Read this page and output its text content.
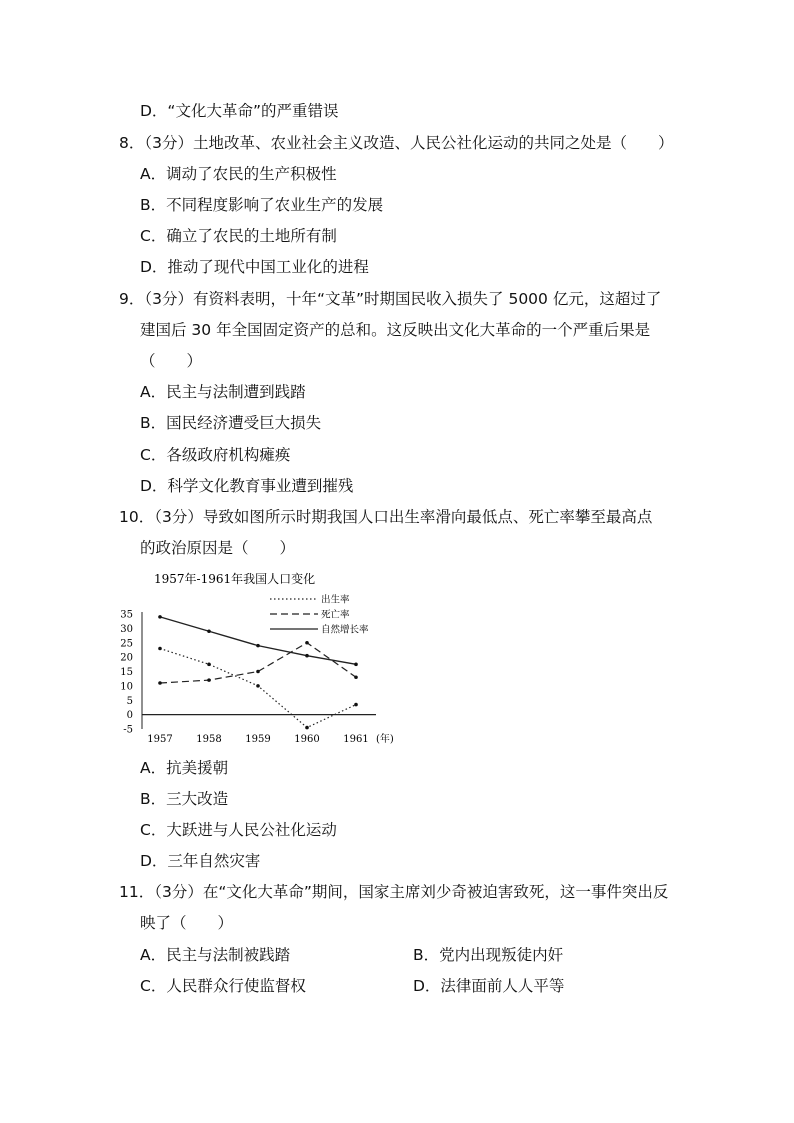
D．“文化大革命”的严重错误
8．（3分）土地改革、农业社会主义改造、人民公社化运动的共同之处是（　　）
A．调动了农民的生产积极性
B．不同程度影响了农业生产的发展
C．确立了农民的土地所有制
D．推动了现代中国工业化的进程
9．（3分）有资料表明，十年“文革”时期国民收入损失了 5000 亿元，这超过了
建国后 30 年全国固定资产的总和。这反映出文化大革命的一个严重后果是
（　　）
A．民主与法制遭到践踏
B．国民经济遭受巨大损失
C．各级政府机构瘫痪
D．科学文化教育事业遭到摧残
10．（3分）导致如图所示时期我国人口出生率滑向最低点、死亡率攀至最高点
的政治原因是（　　）
1957年-1961年我国人口变化
出生率
死亡率
自然增长率
35
30
25
20
15
10
5
0
-5
1957 1958 1959 1960 1961 (年)
A．抗美援朝
B．三大改造
C．大跃进与人民公社化运动
D．三年自然灾害
11．（3分）在“文化大革命”期间，国家主席刘少奇被迫害致死，这一事件突出反
映了（　　）
A．民主与法制被践踏	B．党内出现叛徒内奸
C．人民群众行使监督权	D．法律面前人人平等
